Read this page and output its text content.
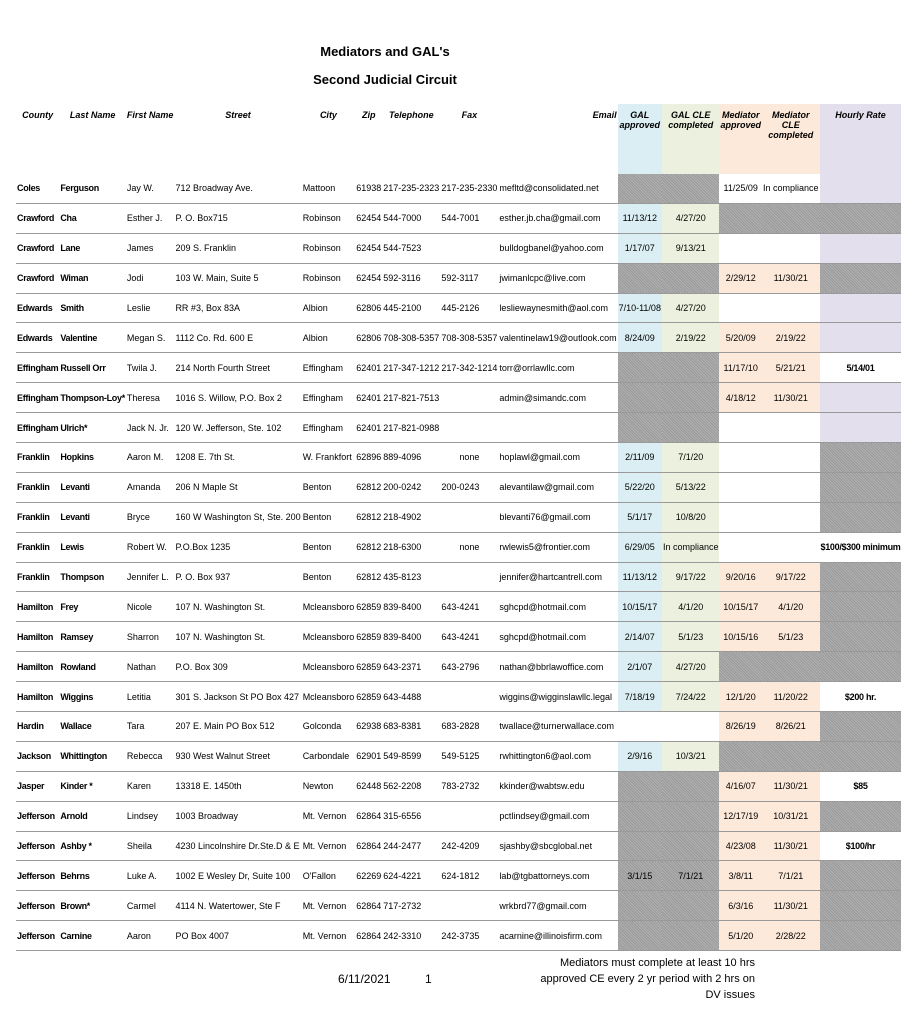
Mediators and GAL's
Second Judicial Circuit
County	Last Name	First Name	Street	City	Zip	Telephone	Fax	Email	GAL approved	GAL CLE completed	Mediator approved	Mediator CLE completed	Hourly Rate
Coles	Ferguson	Jay W.	712 Broadway Ave.	Mattoon	61938	217-235-2323	217-235-2330	mefltd@consolidated.net			11/25/09	In compliance	
Crawford	Cha	Esther J.	P. O. Box715	Robinson	62454	544-7000	544-7001	esther.jb.cha@gmail.com	11/13/12	4/27/20			
Crawford	Lane	James	209 S. Franklin	Robinson	62454	544-7523		bulldogbanel@yahoo.com	1/17/07	9/13/21			
Crawford	Wiman	Jodi	103 W. Main, Suite 5	Robinson	62454	592-3116	592-3117	jwimanlcpc@live.com			2/29/12	11/30/21	
Edwards	Smith	Leslie	RR #3, Box 83A	Albion	62806	445-2100	445-2126	lesliewaynesmith@aol.com	7/10-11/08	4/27/20			
Edwards	Valentine	Megan S.	1112 Co. Rd. 600 E	Albion	62806	708-308-5357	708-308-5357	valentinelaw19@outlook.com	8/24/09	2/19/22	5/20/09	2/19/22	
Effingham	Russell Orr	Twila J.	214 North Fourth Street	Effingham	62401	217-347-1212	217-342-1214	torr@orrlawllc.com			11/17/10	5/21/21	5/14/01
Effingham	Thompson-Loy*	Theresa	1016 S. Willow, P.O. Box 2	Effingham	62401	217-821-7513		admin@simandc.com			4/18/12	11/30/21	
Effingham	Ulrich*	Jack N. Jr.	120 W. Jefferson, Ste. 102	Effingham	62401	217-821-0988							
Franklin	Hopkins	Aaron M.	1208 E. 7th St.	W. Frankfort	62896	889-4096	none	hoplawl@gmail.com	2/11/09	7/1/20			
Franklin	Levanti	Amanda	206 N Maple St	Benton	62812	200-0242	200-0243	alevantilaw@gmail.com	5/22/20	5/13/22			
Franklin	Levanti	Bryce	160 W Washington St, Ste. 200	Benton	62812	218-4902		blevanti76@gmail.com	5/1/17	10/8/20			
Franklin	Lewis	Robert W.	P.O.Box 1235	Benton	62812	218-6300	none	rwlewis5@frontier.com	6/29/05	In compliance			$100/$300 minimum
Franklin	Thompson	Jennifer L.	P. O. Box 937	Benton	62812	435-8123		jennifer@hartcantrell.com	11/13/12	9/17/22	9/20/16	9/17/22	
Hamilton	Frey	Nicole	107 N. Washington St.	Mcleansboro	62859	839-8400	643-4241	sghcpd@hotmail.com	10/15/17	4/1/20	10/15/17	4/1/20	
Hamilton	Ramsey	Sharron	107 N. Washington St.	Mcleansboro	62859	839-8400	643-4241	sghcpd@hotmail.com	2/14/07	5/1/23	10/15/16	5/1/23	
Hamilton	Rowland	Nathan	P.O. Box 309	Mcleansboro	62859	643-2371	643-2796	nathan@bbrlawoffice.com	2/1/07	4/27/20			
Hamilton	Wiggins	Letitia	301 S. Jackson St PO Box 427	Mcleansboro	62859	643-4488		wiggins@wigginslawllc.legal	7/18/19	7/24/22	12/1/20	11/20/22	$200 hr.
Hardin	Wallace	Tara	207 E. Main PO Box 512	Golconda	62938	683-8381	683-2828	twallace@turnerwallace.com			8/26/19	8/26/21	
Jackson	Whittington	Rebecca	930 West Walnut Street	Carbondale	62901	549-8599	549-5125	rwhittington6@aol.com	2/9/16	10/3/21			
Jasper	Kinder *	Karen	13318 E. 1450th	Newton	62448	562-2208	783-2732	kkinder@wabtsw.edu			4/16/07	11/30/21	$85
Jefferson	Arnold	Lindsey	1003 Broadway	Mt. Vernon	62864	315-6556		pctlindsey@gmail.com			12/17/19	10/31/21	
Jefferson	Ashby *	Sheila	4230 Lincolnshire Dr.Ste.D & E	Mt. Vernon	62864	244-2477	242-4209	sjashby@sbcglobal.net			4/23/08	11/30/21	$100/hr
Jefferson	Behrns	Luke A.	1002 E Wesley Dr, Suite 100	O'Fallon	62269	624-4221	624-1812	lab@tgbattorneys.com	3/1/15	7/1/21	3/8/11	7/1/21	
Jefferson	Brown*	Carmel	4114 N. Watertower, Ste F	Mt. Vernon	62864	717-2732		wrkbrd77@gmail.com			6/3/16	11/30/21	
Jefferson	Carnine	Aaron	PO Box 4007	Mt. Vernon	62864	242-3310	242-3735	acarnine@illinoisfirm.com			5/1/20	2/28/22	
6/11/2021	1
Mediators must complete at least 10 hrs approved CE every 2 yr period with 2 hrs on DV issues
